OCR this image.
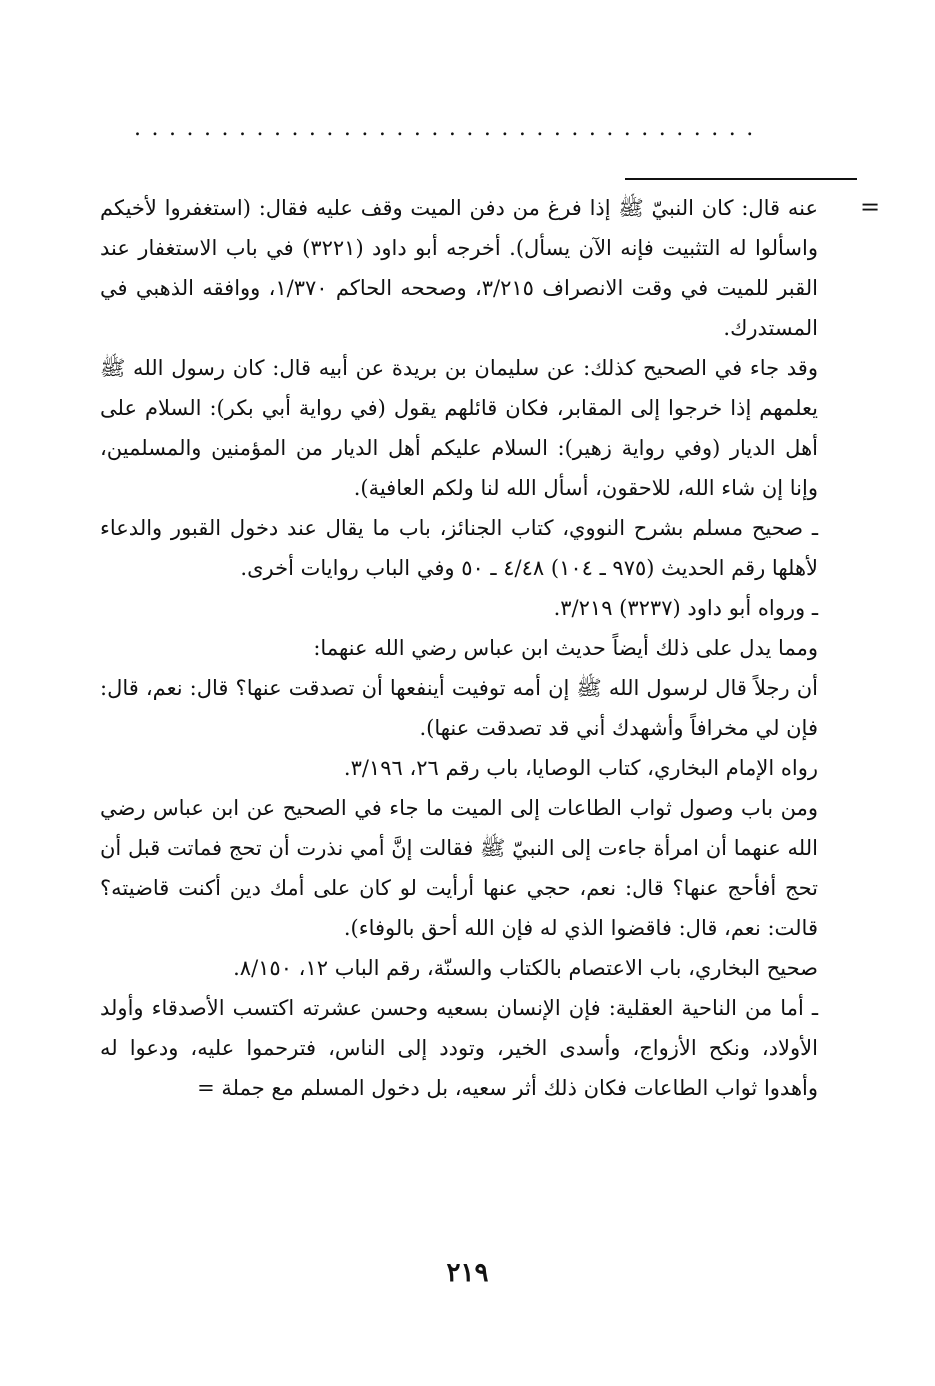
....................................
=

عنه قال: كان النبيّ ﷺ إذا فرغ من دفن الميت وقف عليه فقال: (استغفروا لأخيكم واسألوا له التثبيت فإنه الآن يسأل). أخرجه أبو داود (٣٢٢١) في باب الاستغفار عند القبر للميت في وقت الانصراف ٣/٢١٥، وصححه الحاكم ١/٣٧٠، ووافقه الذهبي في المستدرك.

وقد جاء في الصحيح كذلك: عن سليمان بن بريدة عن أبيه قال: كان رسول الله ﷺ يعلمهم إذا خرجوا إلى المقابر، فكان قائلهم يقول (في رواية أبي بكر): السلام على أهل الديار (وفي رواية زهير): السلام عليكم أهل الديار من المؤمنين والمسلمين، وإنا إن شاء الله، للاحقون، أسأل الله لنا ولكم العافية).

ـ صحيح مسلم بشرح النووي، كتاب الجنائز، باب ما يقال عند دخول القبور والدعاء لأهلها رقم الحديث (٩٧٥ ـ ١٠٤) ٤/٤٨ ـ ٥٠ وفي الباب روايات أخرى.

ـ ورواه أبو داود (٣٢٣٧) ٣/٢١٩.

ومما يدل على ذلك أيضاً حديث ابن عباس رضي الله عنهما:

أن رجلاً قال لرسول الله ﷺ إن أمه توفيت أينفعها أن تصدقت عنها؟ قال: نعم، قال: فإن لي مخرافاً وأشهدك أني قد تصدقت عنها).

رواه الإمام البخاري، كتاب الوصايا، باب رقم ٢٦، ٣/١٩٦.

ومن باب وصول ثواب الطاعات إلى الميت ما جاء في الصحيح عن ابن عباس رضي الله عنهما أن امرأة جاءت إلى النبيّ ﷺ فقالت إنَّ أمي نذرت أن تحج فماتت قبل أن تحج أفأحج عنها؟ قال: نعم، حجي عنها أرأيت لو كان على أمك دين أكنت قاضيته؟ قالت: نعم، قال: فاقضوا الذي له فإن الله أحق بالوفاء).

صحيح البخاري، باب الاعتصام بالكتاب والسنّة، رقم الباب ١٢، ٨/١٥٠.

ـ أما من الناحية العقلية: فإن الإنسان بسعيه وحسن عشرته اكتسب الأصدقاء وأولد الأولاد، ونكح الأزواج، وأسدى الخير، وتودد إلى الناس، فترحموا عليه، ودعوا له وأهدوا ثواب الطاعات فكان ذلك أثر سعيه، بل دخول المسلم مع جملة =

٢١٩
